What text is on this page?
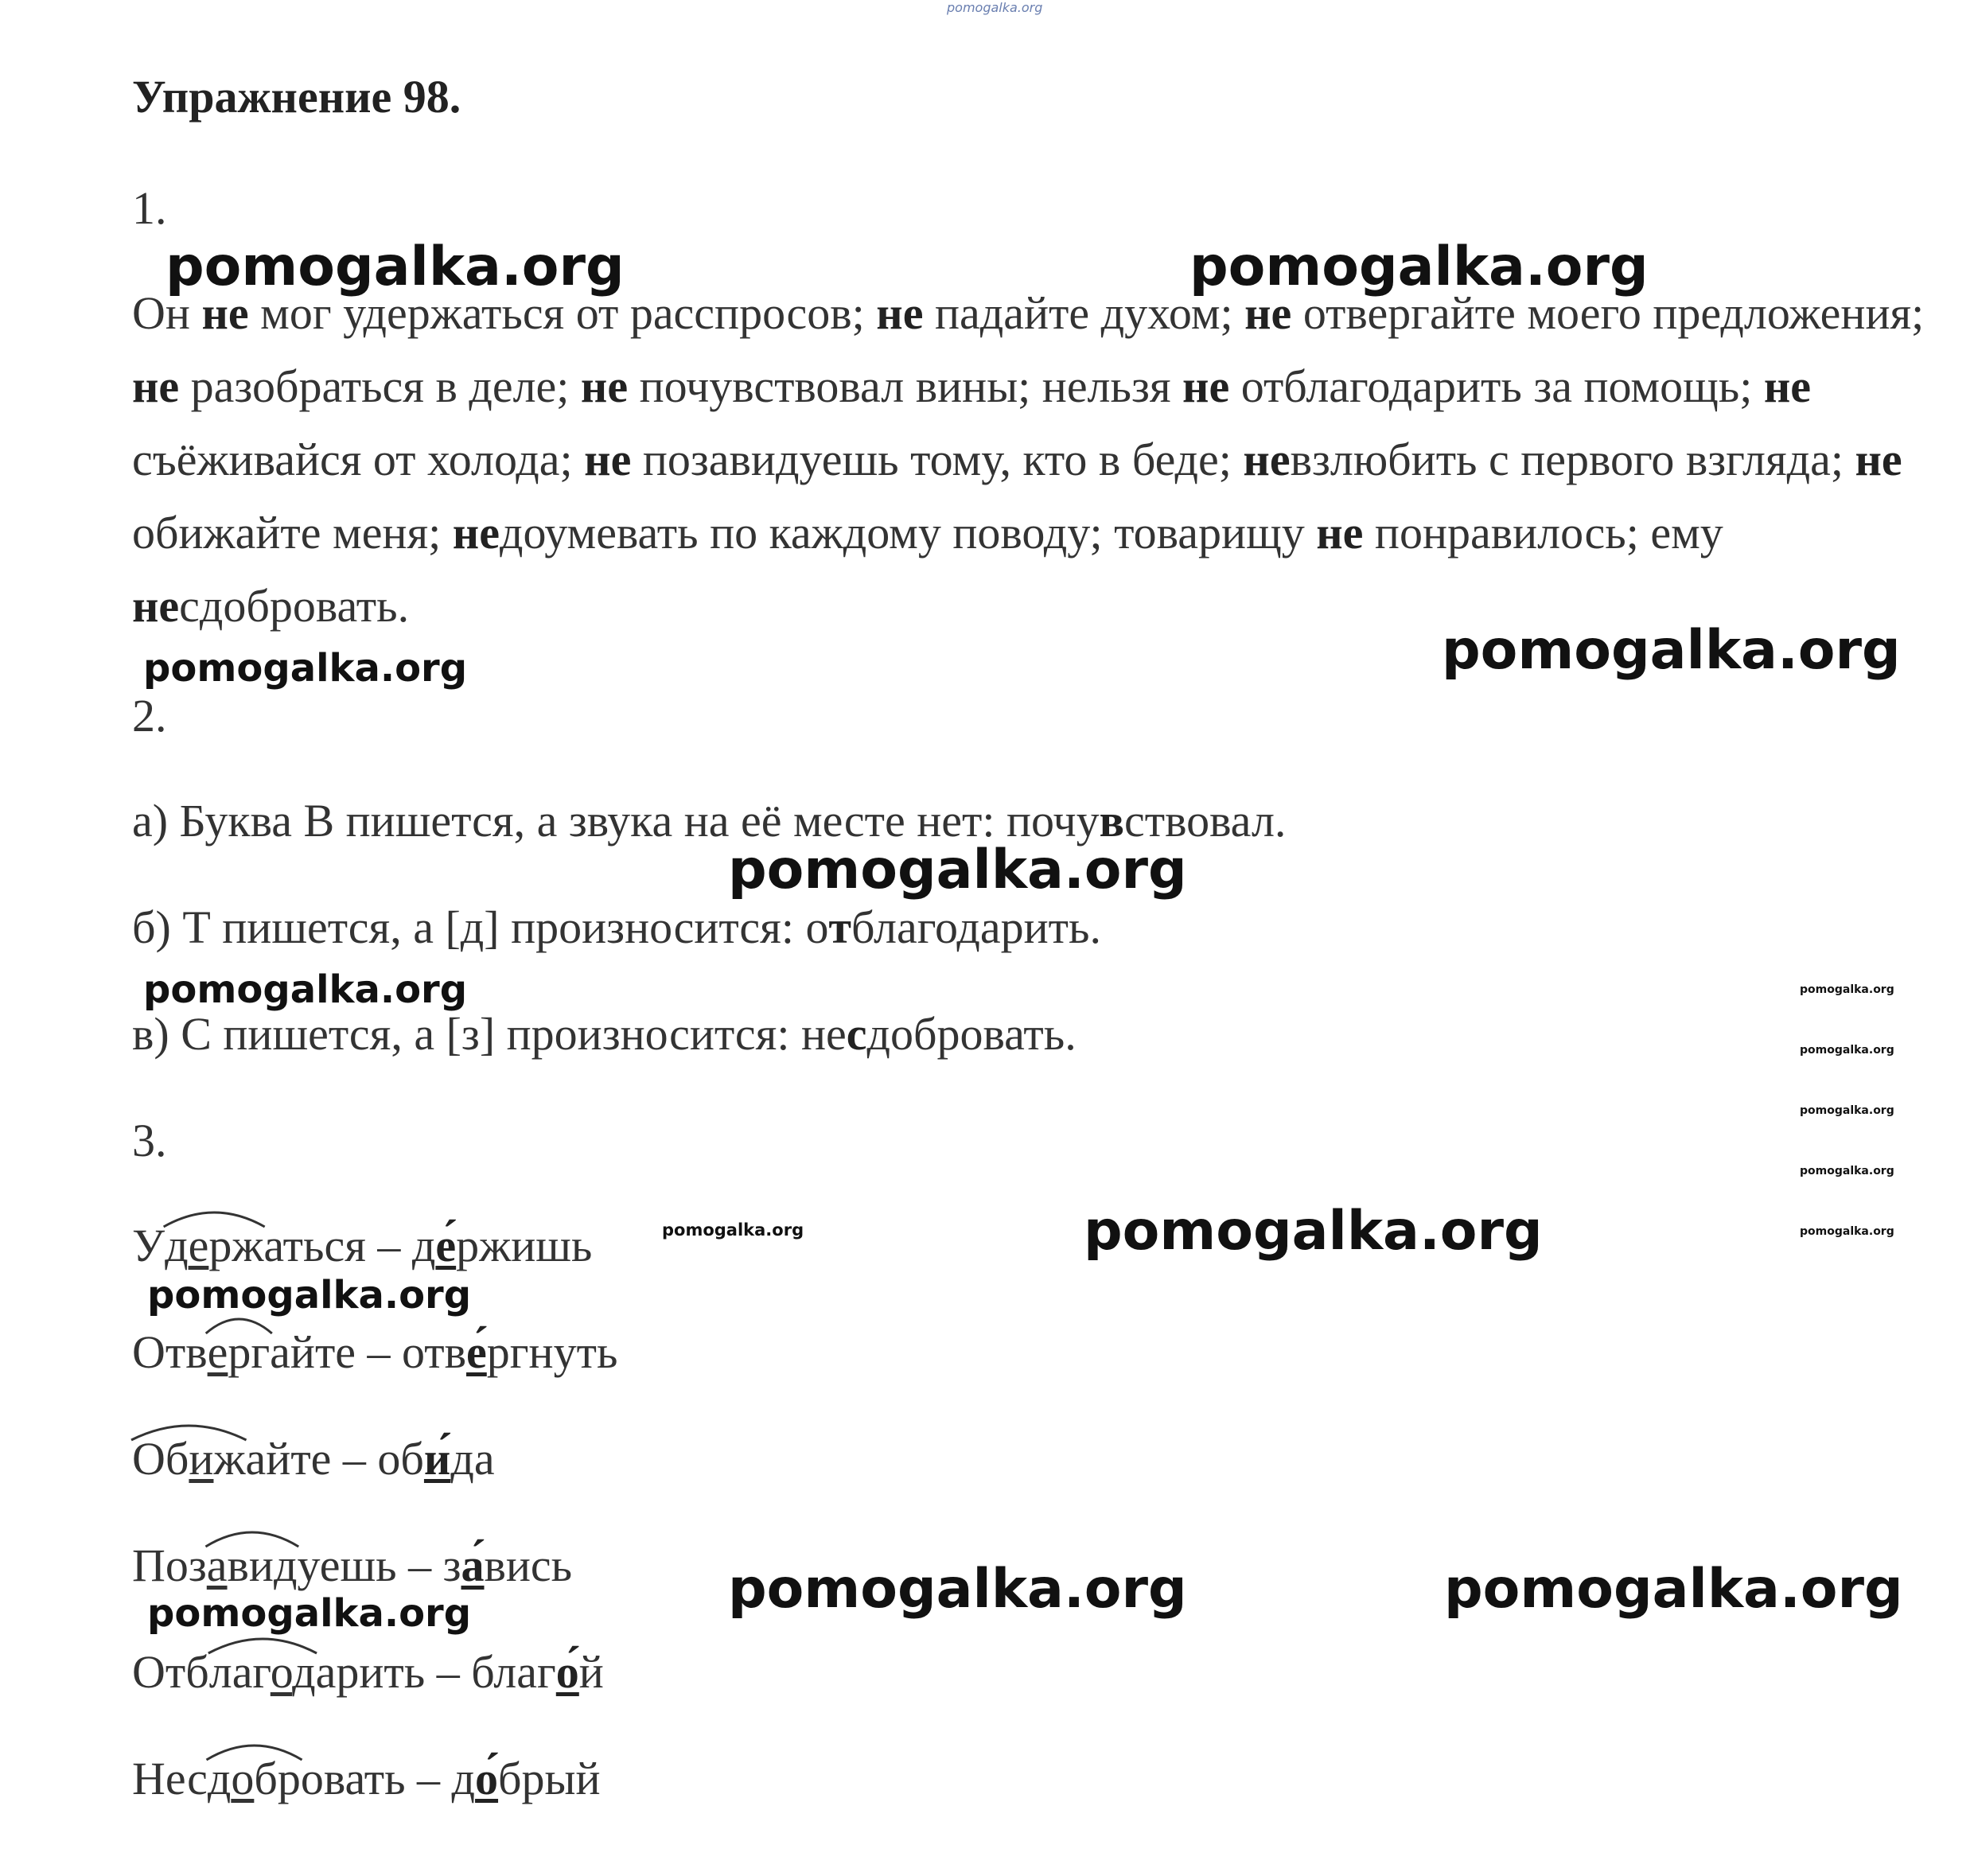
pomogalka.org
Упражнение 98.
1.

Он не мог удержаться от расспросов; не падайте духом; не отвергайте моего предложения; не разобраться в деле; не почувствовал вины; нельзя не отблагодарить за помощь; не съёживайся от холода; не позавидуешь тому, кто в беде; невзлюбить с первого взгляда; не обижайте меня; недоумевать по каждому поводу; товарищу не понравилось; ему несдобровать.

2.
а) Буква В пишется, а звука на её месте нет: почувствовал.
б) Т пишется, а [д] произносится: отблагодарить.
в) С пишется, а [з] произносится: несдобровать.
3.
У
держаться – де́ржишь
Отв
ергайте – отве́ргнуть
Обижайте – оби́да
Поз
авидуешь – за́вись
Отб
лагодарить – благо́й
Нес
добровать – до́брый
pomogalka.org	pomogalka.org
pomogalka.org	pomogalka.org
pomogalka.org
pomogalka.org	pomogalka.org
pomogalka.org
pomogalka.org
pomogalka.org
pomogalka.org
pomogalka.org	pomogalka.org
pomogalka.org
pomogalka.org	pomogalka.org
pomogalka.org
